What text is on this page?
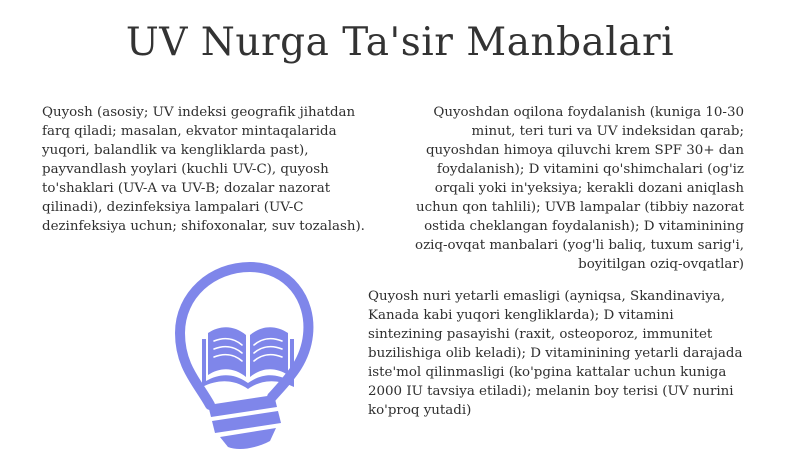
UV Nurga Ta'sir Manbalari

Quyosh (asosiy; UV indeksi geografik jihatdan farq qiladi; masalan, ekvator mintaqalarida yuqori, balandlik va kengliklarda past), payvandlash yoylari (kuchli UV-C), quyosh to'shaklari (UV-A va UV-B; dozalar nazorat qilinadi), dezinfeksiya lampalari (UV-C dezinfeksiya uchun; shifoxonalar, suv tozalash).

Quyoshdan oqilona foydalanish (kuniga 10-30 minut, teri turi va UV indeksidan qarab; quyoshdan himoya qiluvchi krem SPF 30+ dan foydalanish); D vitamini qo'shimchalari (og'iz orqali yoki in'yeksiya; kerakli dozani aniqlash uchun qon tahlili); UVB lampalar (tibbiy nazorat ostida cheklangan foydalanish); D vitaminining oziq-ovqat manbalari (yog'li baliq, tuxum sarig'i, boyitilgan oziq-ovqatlar)

Quyosh nuri yetarli emasligi (ayniqsa, Skandinaviya, Kanada kabi yuqori kengliklarda); D vitamini sintezining pasayishi (raxit, osteoporoz, immunitet buzilishiga olib keladi); D vitaminining yetarli darajada iste'mol qilinmasligi (ko'pgina kattalar uchun kuniga 2000 IU tavsiya etiladi); melanin boy terisi (UV nurini ko'proq yutadi)
